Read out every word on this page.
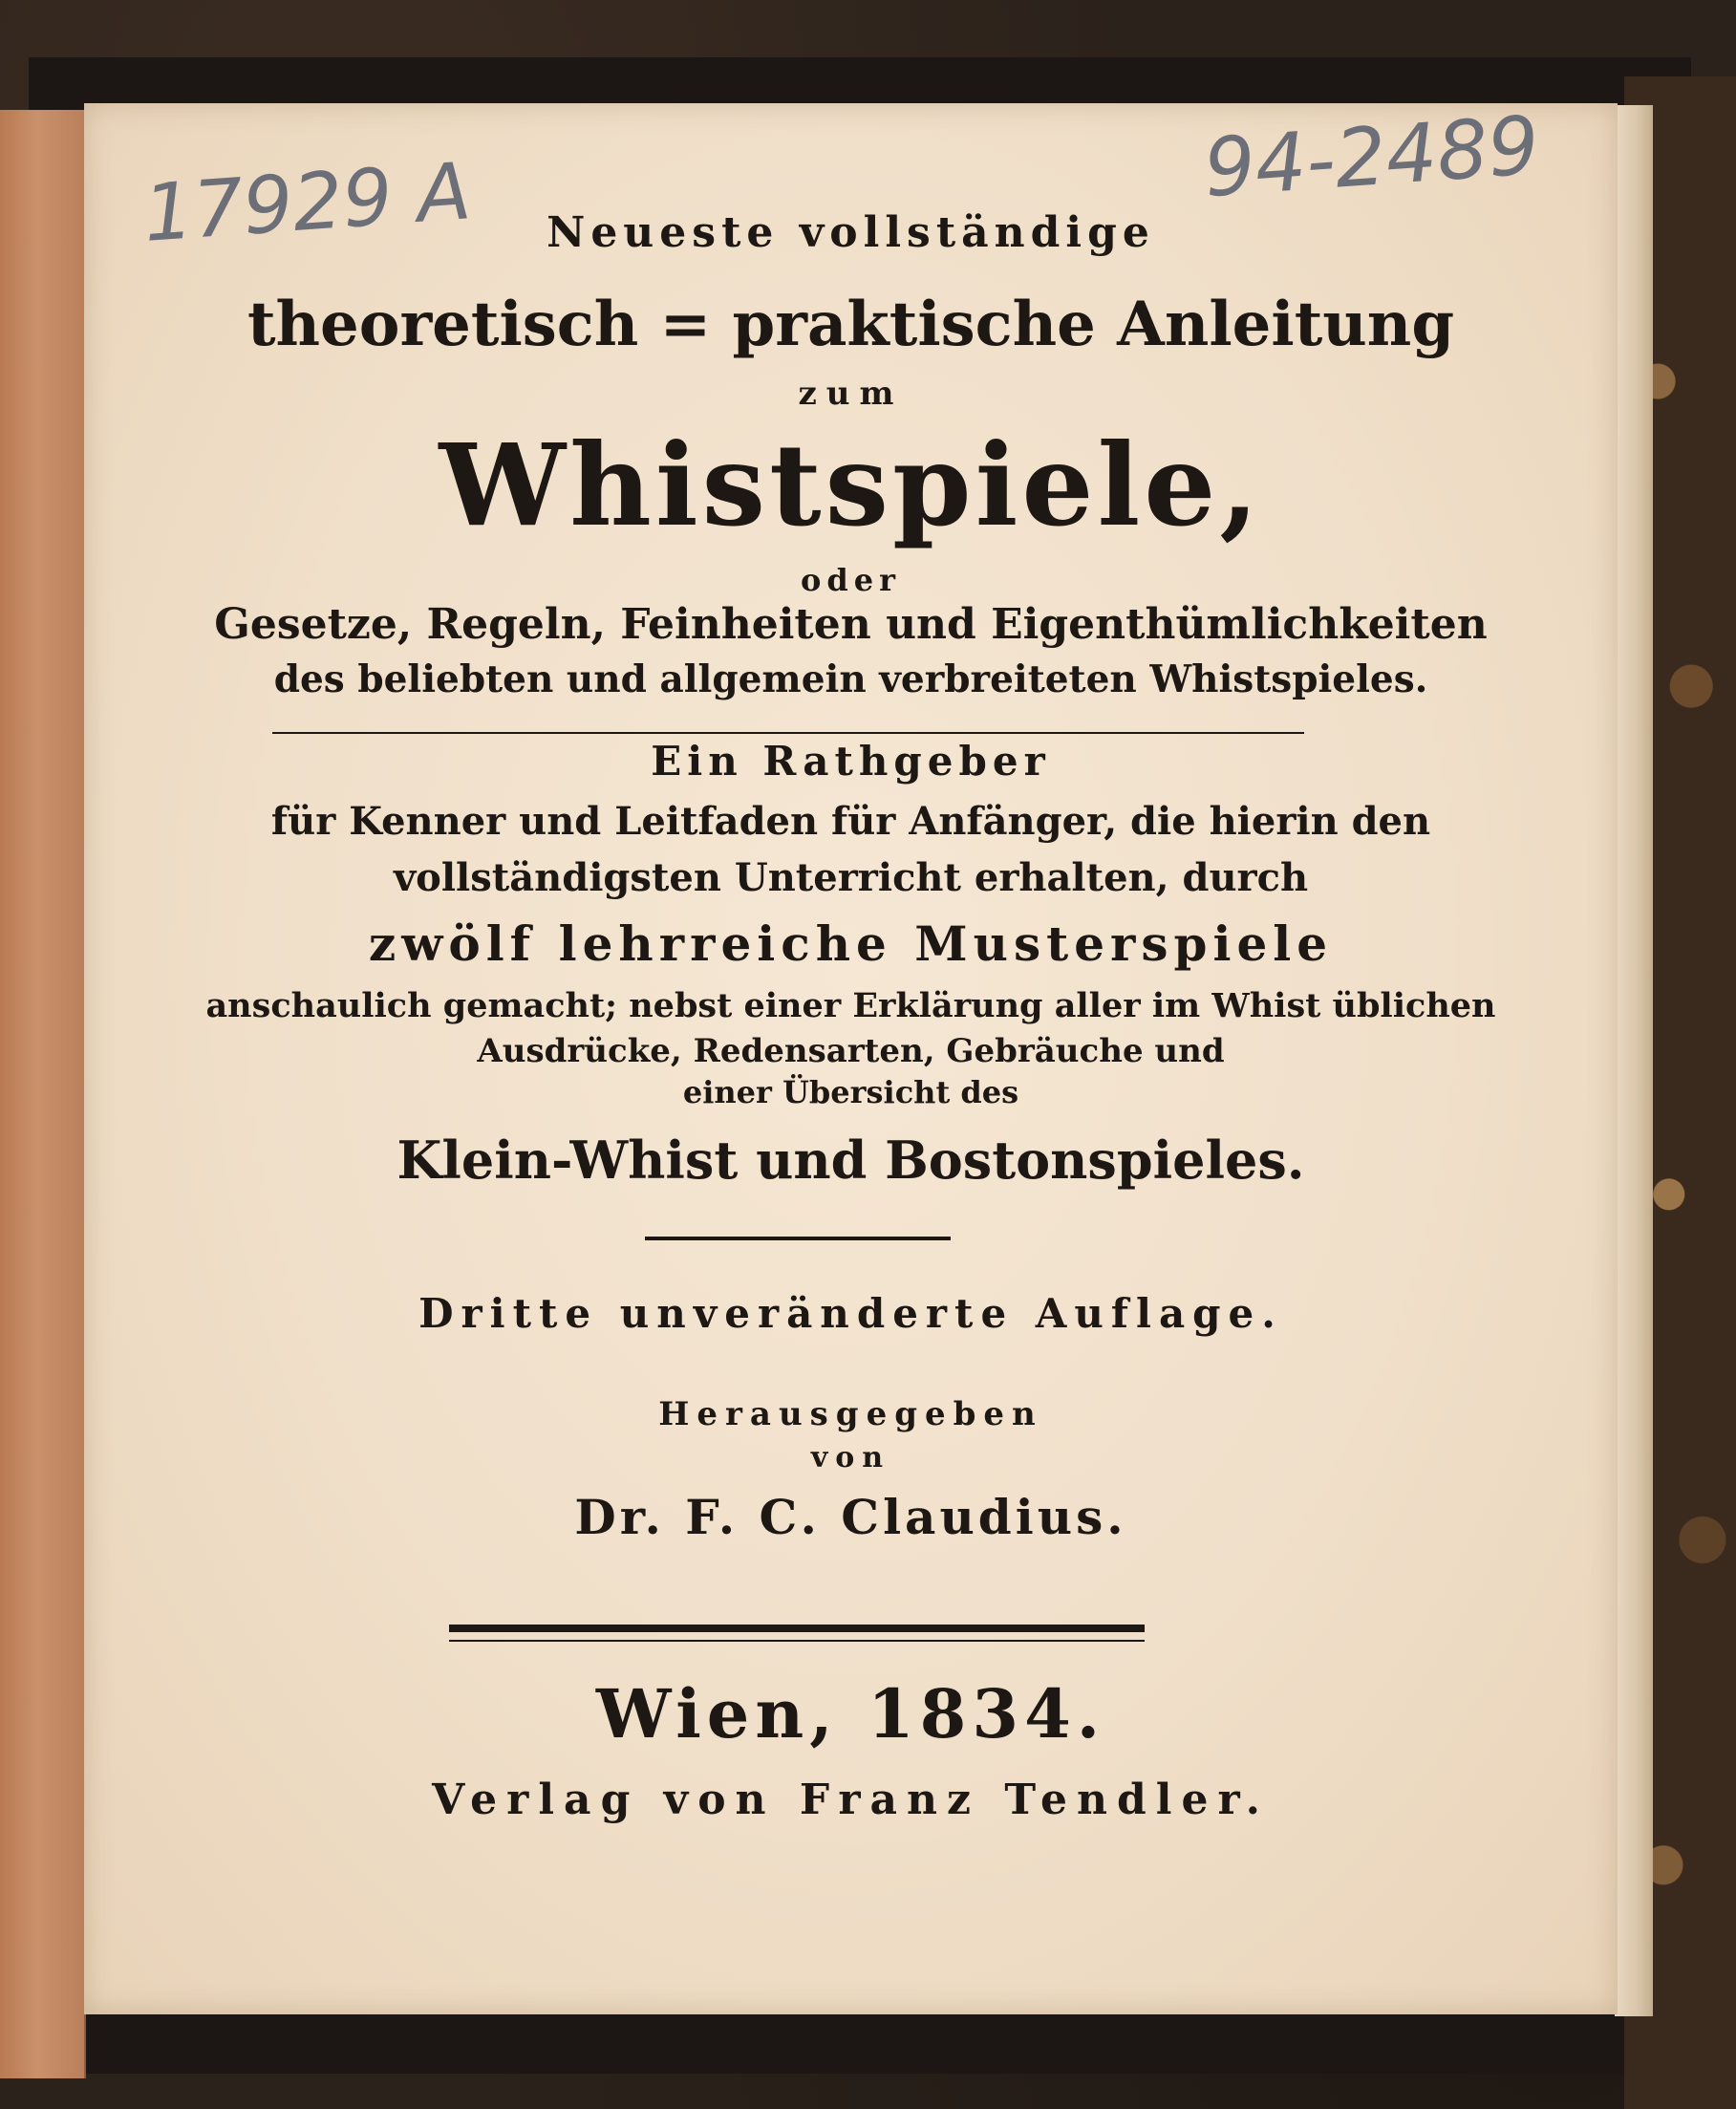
17929 A	94-2489
Neueste vollständige
theoretisch = praktische Anleitung
zum
Whistspiele,
oder
Gesetze, Regeln, Feinheiten und Eigenthümlichkeiten
des beliebten und allgemein verbreiteten Whistspieles.
Ein Rathgeber
für Kenner und Leitfaden für Anfänger, die hierin den
vollständigsten Unterricht erhalten, durch
zwölf lehrreiche Musterspiele
anschaulich gemacht; nebst einer Erklärung aller im Whist üblichen
Ausdrücke, Redensarten, Gebräuche und
einer Übersicht des
Klein-Whist und Bostonspieles.
Dritte unveränderte Auflage.
Herausgegeben
von
Dr. F. C. Claudius.
Wien, 1834.
Verlag von Franz Tendler.
